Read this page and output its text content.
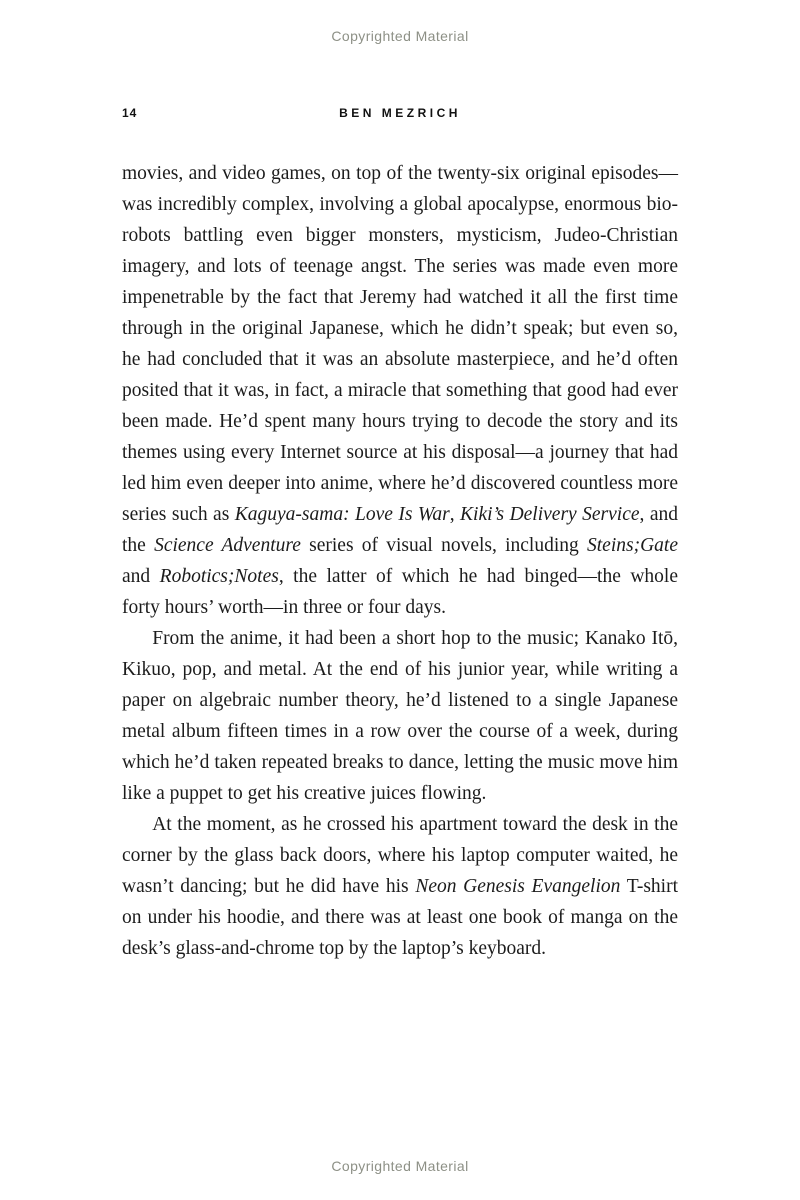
Copyrighted Material
14	BEN MEZRICH

movies, and video games, on top of the twenty-six original episodes—was incredibly complex, involving a global apocalypse, enormous bio-robots battling even bigger monsters, mysticism, Judeo-Christian imagery, and lots of teenage angst. The series was made even more impenetrable by the fact that Jeremy had watched it all the first time through in the original Japanese, which he didn’t speak; but even so, he had concluded that it was an absolute masterpiece, and he’d often posited that it was, in fact, a miracle that something that good had ever been made. He’d spent many hours trying to decode the story and its themes using every Internet source at his disposal—a journey that had led him even deeper into anime, where he’d discovered countless more series such as Kaguya-sama: Love Is War, Kiki’s Delivery Service, and the Science Adventure series of visual novels, including Steins;Gate and Robotics;Notes, the latter of which he had binged—the whole forty hours’ worth—in three or four days.

From the anime, it had been a short hop to the music; Kanako Itō, Kikuo, pop, and metal. At the end of his junior year, while writing a paper on algebraic number theory, he’d listened to a single Japanese metal album fifteen times in a row over the course of a week, during which he’d taken repeated breaks to dance, letting the music move him like a puppet to get his creative juices flowing.

At the moment, as he crossed his apartment toward the desk in the corner by the glass back doors, where his laptop computer waited, he wasn’t dancing; but he did have his Neon Genesis Evangelion T-shirt on under his hoodie, and there was at least one book of manga on the desk’s glass-and-chrome top by the laptop’s keyboard.

Copyrighted Material
